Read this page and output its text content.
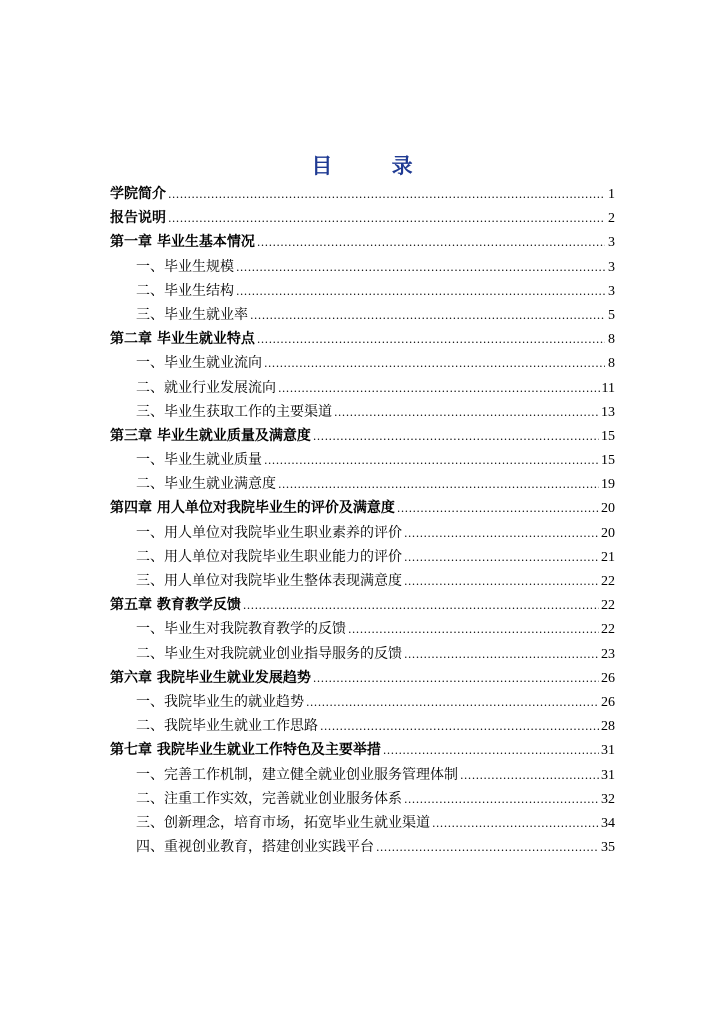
目 录
学院简介 .....	1
报告说明 .....	2
第一章 毕业生基本情况 .....	3
一、毕业生规模 .....	3
二、毕业生结构 .....	3
三、毕业生就业率 .....	5
第二章 毕业生就业特点 .....	8
一、毕业生就业流向 .....	8
二、就业行业发展流向 .....	11
三、毕业生获取工作的主要渠道 .....	13
第三章 毕业生就业质量及满意度 .....	15
一、毕业生就业质量 .....	15
二、毕业生就业满意度 .....	19
第四章 用人单位对我院毕业生的评价及满意度 .....	20
一、用人单位对我院毕业生职业素养的评价 .....	20
二、用人单位对我院毕业生职业能力的评价 .....	21
三、用人单位对我院毕业生整体表现满意度 .....	22
第五章 教育教学反馈 .....	22
一、毕业生对我院教育教学的反馈 .....	22
二、毕业生对我院就业创业指导服务的反馈 .....	23
第六章 我院毕业生就业发展趋势 .....	26
一、我院毕业生的就业趋势 .....	26
二、我院毕业生就业工作思路 .....	28
第七章 我院毕业生就业工作特色及主要举措 .....	31
一、完善工作机制，建立健全就业创业服务管理体制 .....	31
二、注重工作实效，完善就业创业服务体系 .....	32
三、创新理念，培育市场，拓宽毕业生就业渠道 .....	34
四、重视创业教育，搭建创业实践平台 .....	35
